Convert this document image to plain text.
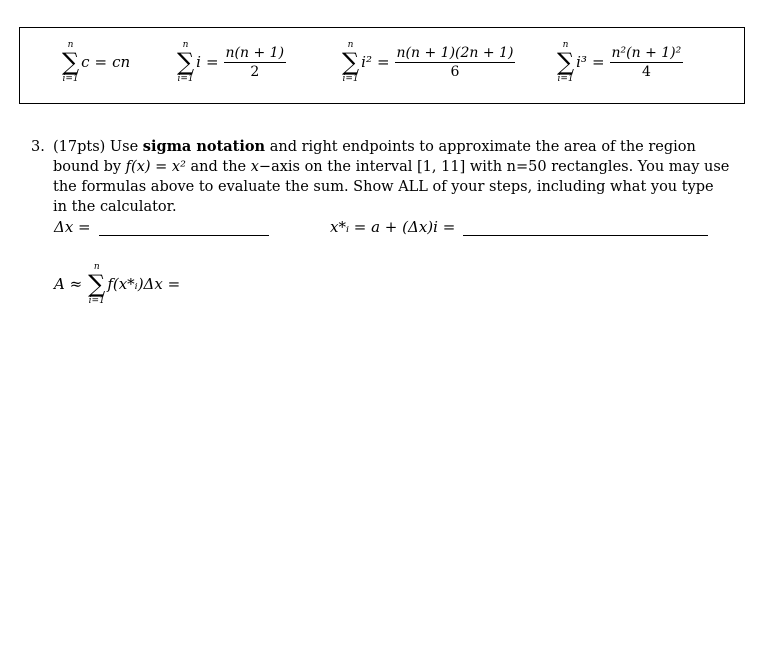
n
∑
i=1
c = cn
n
∑
i=1
$i = \frac{n(n + 1)}{2}$	n
∑
i=1
$i^2 = \frac{n(n + 1)(2n + 1)}{6}$	n
∑
i=1
$i^3 = \frac{\text{n²(n + 1)²}}{4}$
3. (17pts) Use sigma notation and right endpoints to approximate the area of the region bound by f(x) = x² and the x−axis on the interval [1, 11] with n=50 rectangles. You may use the formulas above to evaluate the sum. Show ALL of your steps, including what you type in the calculator.
Δx =	x*ᵢ = a + (Δx)i =
A ≈
n
∑
i=1
f(x*ᵢ)Δx =
